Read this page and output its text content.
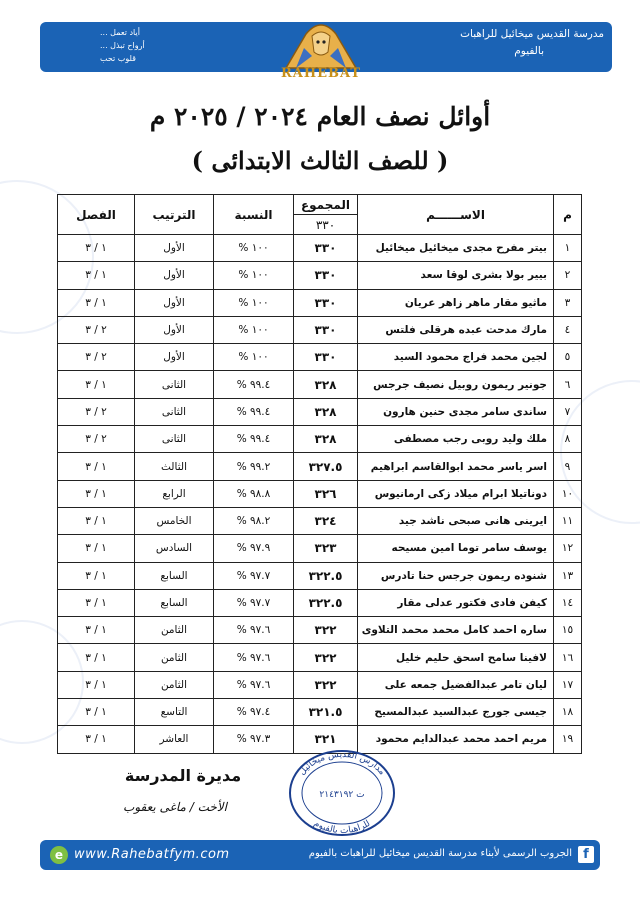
مدرسة القديس ميخائيل للراهبات
بالفيوم
أياد تعمل ...
أرواح تبذل ...
قلوب تحب
RAHEBAT
أوائل نصف العام ٢٠٢٤ / ٢٠٢٥ م
( للصف الثالث الابتدائى )
م	الاســــــم	المجموع	النسبة	الترتيب	الفصل
		٣٣٠			
١	بيتر مفرح مجدى ميخائيل ميخائيل	٣٣٠	١٠٠ %	الأول	١ / ٣
٢	بيير بولا بشرى لوقا سعد	٣٣٠	١٠٠ %	الأول	١ / ٣
٣	ماثيو مقار ماهر زاهر عريان	٣٣٠	١٠٠ %	الأول	١ / ٣
٤	مارك مدحت عبده هرقلى فلتس	٣٣٠	١٠٠ %	الأول	٢ / ٣
٥	لجين محمد فراج محمود السيد	٣٣٠	١٠٠ %	الأول	٢ / ٣
٦	جونير ريمون روبيل نصيف جرجس	٣٢٨	٩٩.٤ %	الثانى	١ / ٣
٧	ساندى سامر مجدى حنين هارون	٣٢٨	٩٩.٤ %	الثانى	٢ / ٣
٨	ملك وليد روبى رجب مصطفى	٣٢٨	٩٩.٤ %	الثانى	٢ / ٣
٩	اسر ياسر محمد ابوالقاسم ابراهيم	٣٢٧.٥	٩٩.٢ %	الثالث	١ / ٣
١٠	دوناتيلا ابرام ميلاد زكى ارمانيوس	٣٢٦	٩٨.٨ %	الرابع	١ / ٣
١١	ايرينى هانى صبحى ناشد جيد	٣٢٤	٩٨.٢ %	الخامس	١ / ٣
١٢	يوسف سامر توما امين مسيحه	٣٢٣	٩٧.٩ %	السادس	١ / ٣
١٣	شنوده ريمون جرجس حنا تادرس	٣٢٢.٥	٩٧.٧ %	السابع	١ / ٣
١٤	كيفن فادى فكتور عدلى مقار	٣٢٢.٥	٩٧.٧ %	السابع	١ / ٣
١٥	ساره احمد كامل محمد محمد التلاوى	٣٢٢	٩٧.٦ %	الثامن	١ / ٣
١٦	لافينا سامح اسحق حليم خليل	٣٢٢	٩٧.٦ %	الثامن	١ / ٣
١٧	ليان تامر عبدالفضيل جمعه على	٣٢٢	٩٧.٦ %	الثامن	١ / ٣
١٨	جيسى جورج عبدالسيد عبدالمسيح	٣٢١.٥	٩٧.٤ %	التاسع	١ / ٣
١٩	مريم احمد محمد عبدالدايم محمود	٣٢١	٩٧.٣ %	العاشر	١ / ٣
مديرة المدرسة
الأخت / ماغى يعقوب
مدارس القديس ميخائيل
للراهبات بالفيوم
ت ٢١٤٣١٩٢
e www.Rahebatfym.com	الجروب الرسمى لأبناء مدرسة القديس ميخائيل للراهبات بالفيوم f
